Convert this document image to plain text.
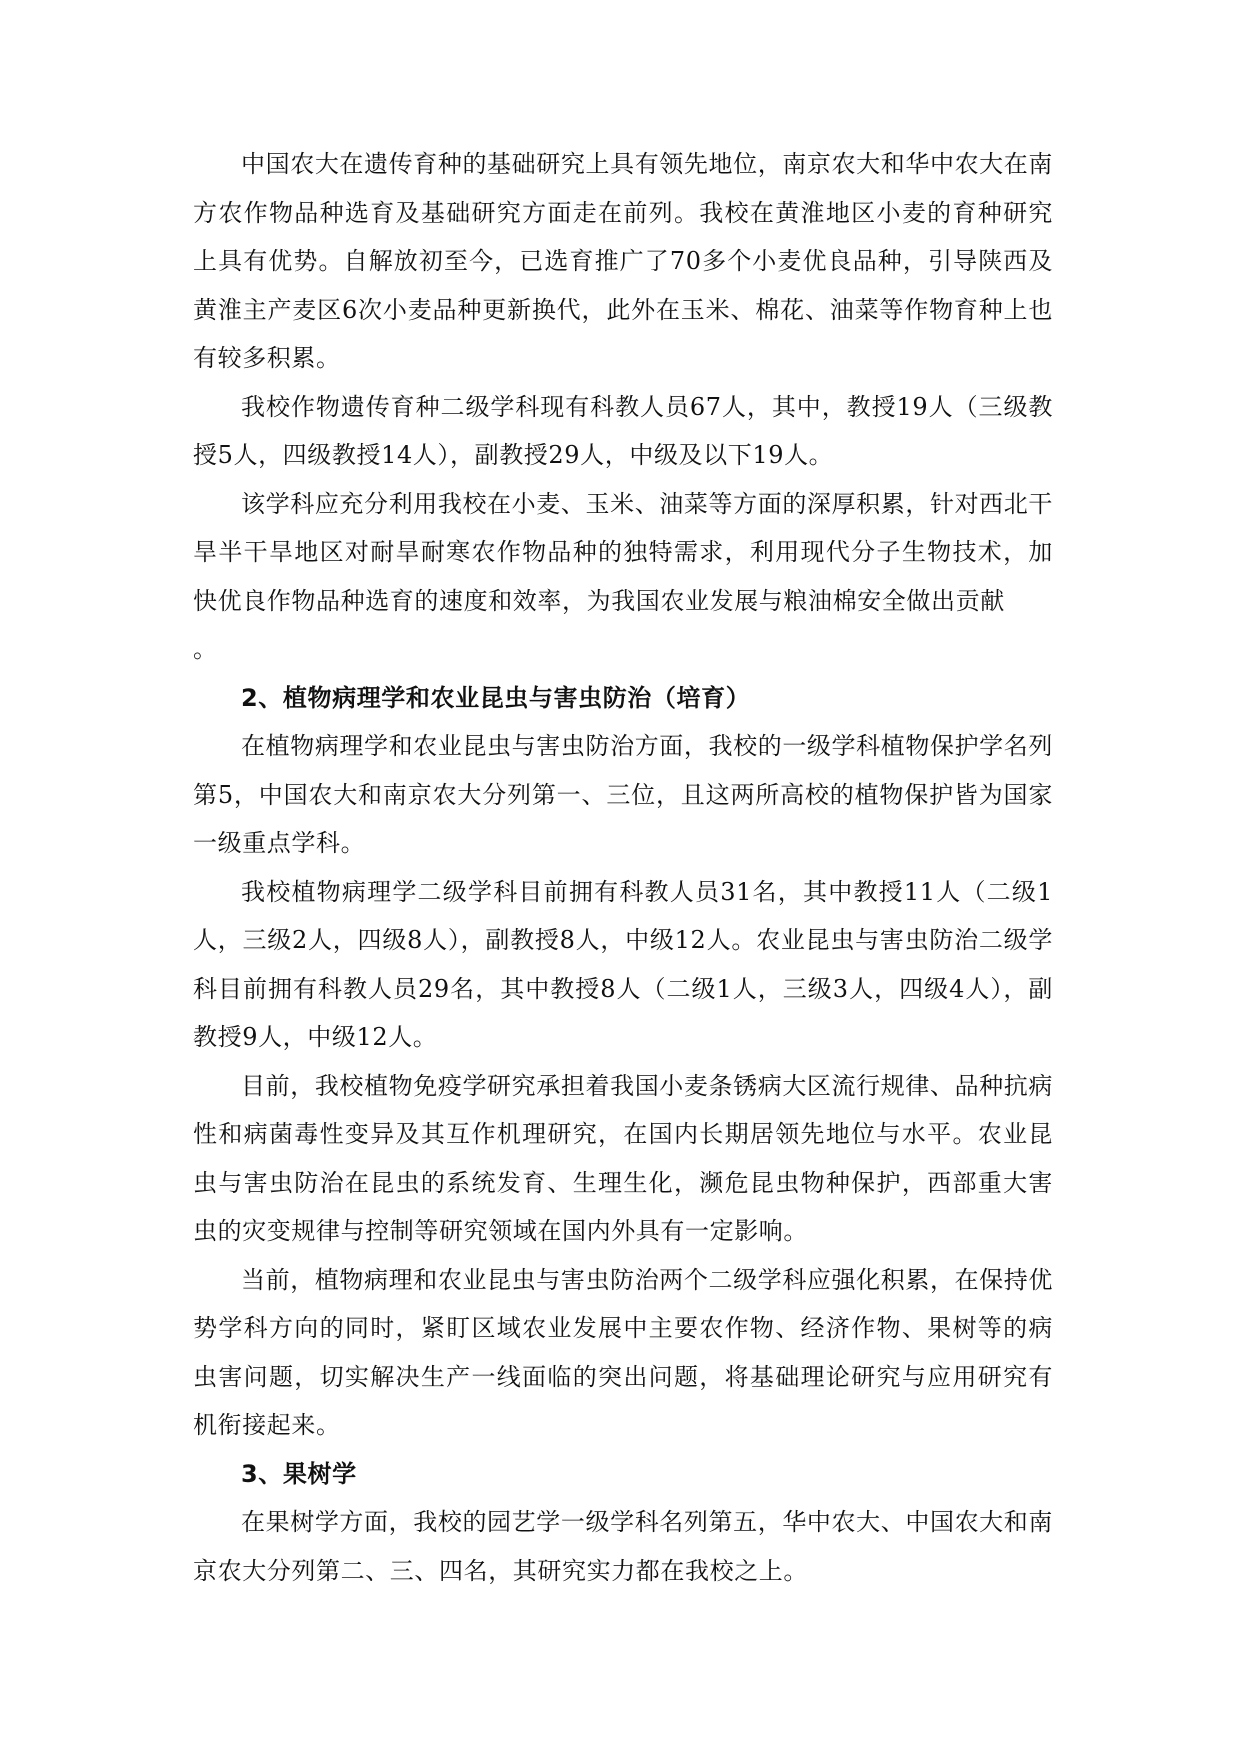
中国农大在遗传育种的基础研究上具有领先地位，南京农大和华中农大在南方农作物品种选育及基础研究方面走在前列。我校在黄淮地区小麦的育种研究上具有优势。自解放初至今，已选育推广了70多个小麦优良品种，引导陕西及黄淮主产麦区6次小麦品种更新换代，此外在玉米、棉花、油菜等作物育种上也有较多积累。

我校作物遗传育种二级学科现有科教人员67人，其中，教授19人（三级教授5人，四级教授14人），副教授29人，中级及以下19人。

该学科应充分利用我校在小麦、玉米、油菜等方面的深厚积累，针对西北干旱半干旱地区对耐旱耐寒农作物品种的独特需求，利用现代分子生物技术，加快优良作物品种选育的速度和效率，为我国农业发展与粮油棉安全做出贡献

。

2、植物病理学和农业昆虫与害虫防治（培育）

在植物病理学和农业昆虫与害虫防治方面，我校的一级学科植物保护学名列第5，中国农大和南京农大分列第一、三位，且这两所高校的植物保护皆为国家一级重点学科。

我校植物病理学二级学科目前拥有科教人员31名，其中教授11人（二级1人，三级2人，四级8人），副教授8人，中级12人。农业昆虫与害虫防治二级学科目前拥有科教人员29名，其中教授8人（二级1人，三级3人，四级4人），副教授9人，中级12人。

目前，我校植物免疫学研究承担着我国小麦条锈病大区流行规律、品种抗病性和病菌毒性变异及其互作机理研究，在国内长期居领先地位与水平。农业昆虫与害虫防治在昆虫的系统发育、生理生化，濒危昆虫物种保护，西部重大害虫的灾变规律与控制等研究领域在国内外具有一定影响。

当前，植物病理和农业昆虫与害虫防治两个二级学科应强化积累，在保持优势学科方向的同时，紧盯区域农业发展中主要农作物、经济作物、果树等的病虫害问题，切实解决生产一线面临的突出问题，将基础理论研究与应用研究有机衔接起来。

3、果树学

在果树学方面，我校的园艺学一级学科名列第五，华中农大、中国农大和南京农大分列第二、三、四名，其研究实力都在我校之上。
